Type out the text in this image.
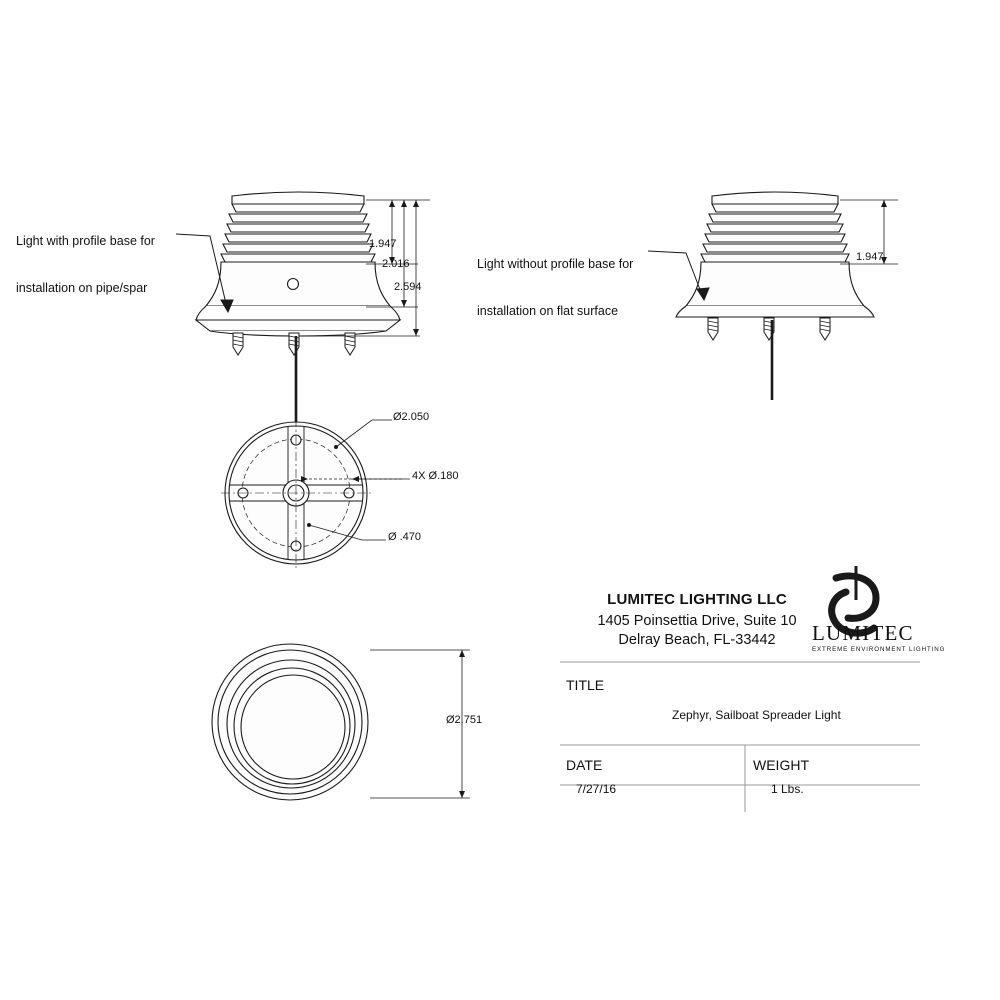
Light with profile base for

installation on pipe/spar

Light without profile base for

installation on flat surface

1.947
2.016
2.594
1.947
Ø2.050
4X Ø.180
Ø .470
Ø2.751
LUMITEC LIGHTING LLC
1405 Poinsettia Drive, Suite 10
Delray Beach, FL-33442	LUMITEC
EXTREME ENVIRONMENT LIGHTING
TITLE
Zephyr, Sailboat Spreader Light
DATE
7/27/16
WEIGHT
1 Lbs.
